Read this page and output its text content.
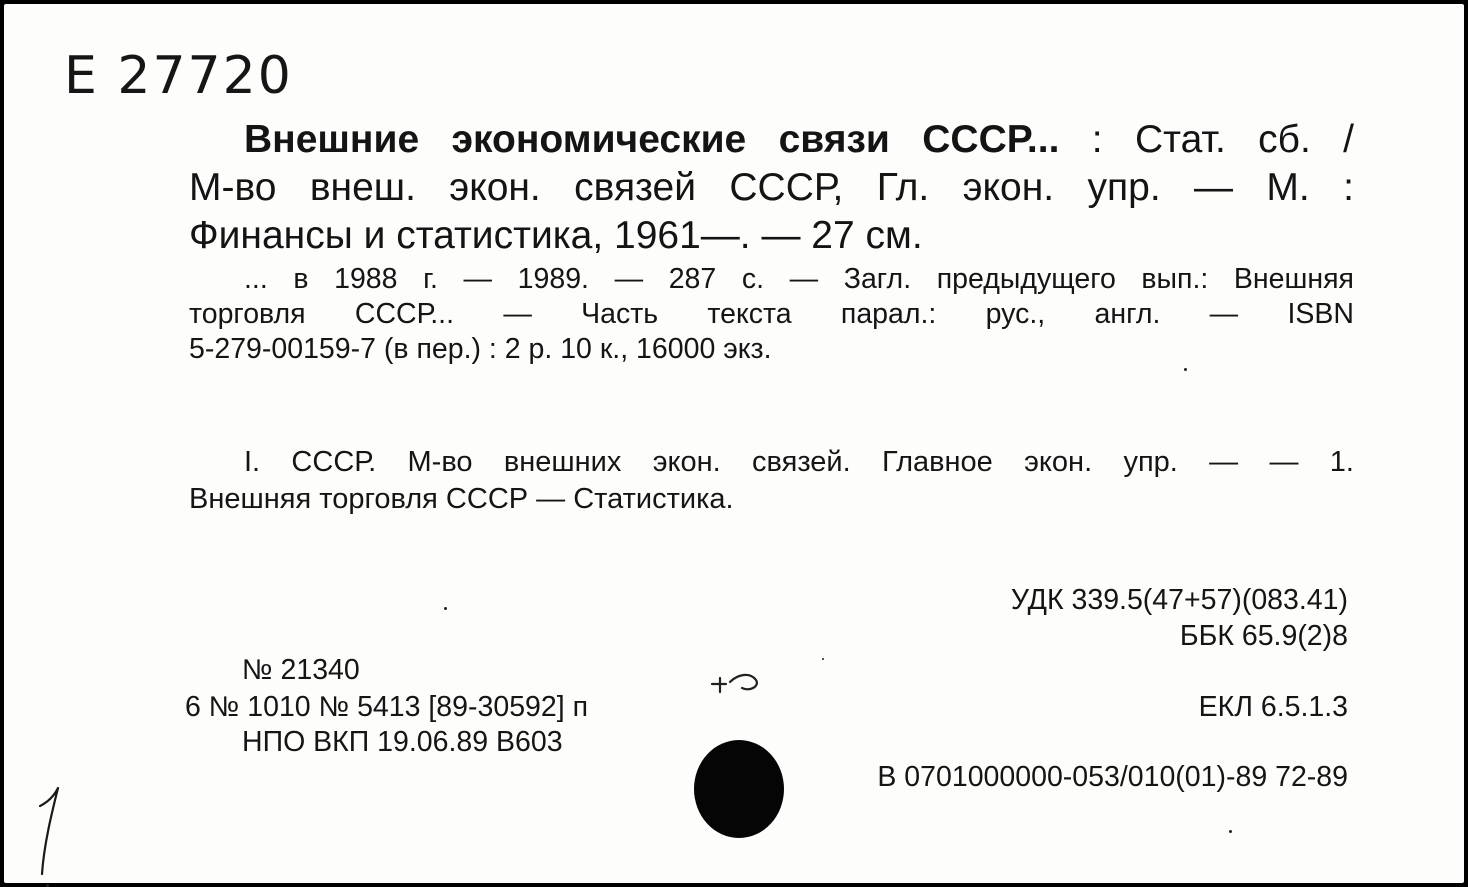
Е 27720
Внешние экономические связи СССР... : Стат. сб. /
М-во внеш. экон. связей СССР, Гл. экон. упр. — М. :
Финансы и статистика, 1961—. — 27 см.
... в 1988 г. — 1989. — 287 с. — Загл. предыдущего вып.: Внешняя
торговля СССР... — Часть текста парал.: рус., англ. — ISBN
5-279-00159-7 (в пер.) : 2 р. 10 к., 16000 экз.
I. СССР. М-во внешних экон. связей. Главное экон. упр. — — 1.
Внешняя торговля СССР — Статистика.
УДК 339.5(47+57)(083.41)
ББК 65.9(2)8
№ 21340
6 № 1010 № 5413 [89-30592] п
НПО ВКП 19.06.89 В603
ЕКЛ 6.5.1.3
В 0701000000-053/010(01)-89 72-89
